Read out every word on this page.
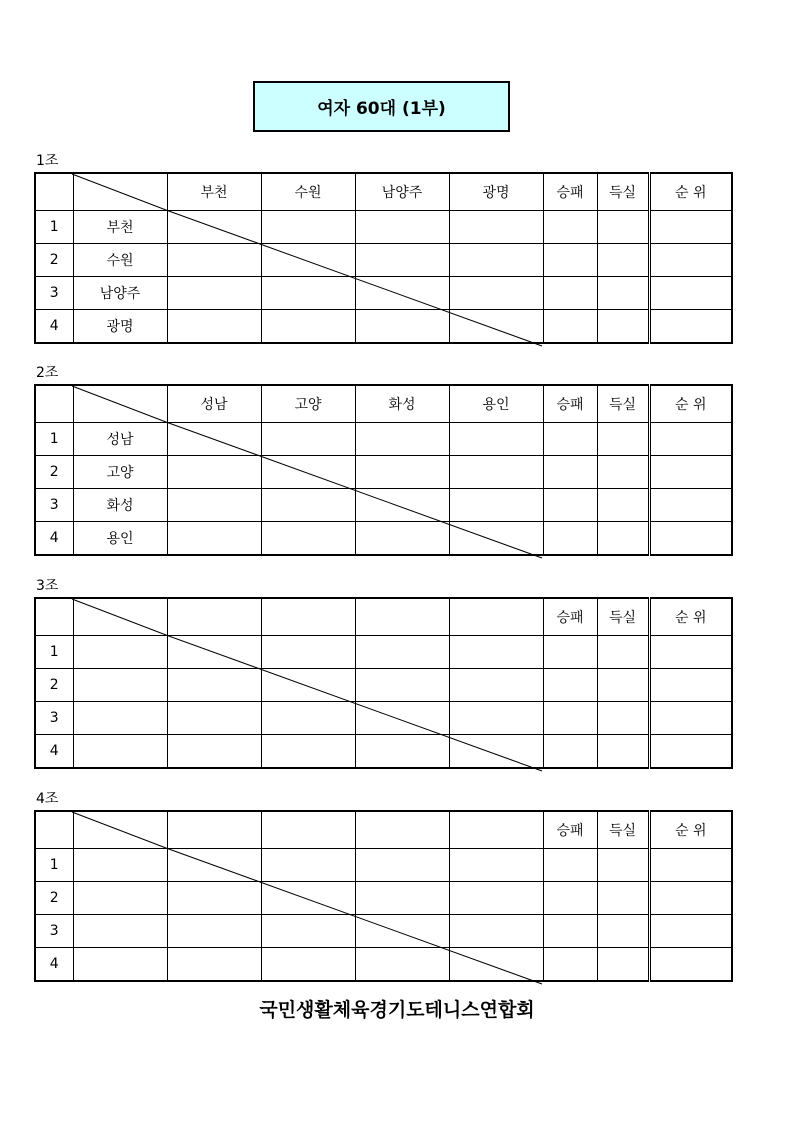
여자 60대 (1부)
1조
		부천	수원	남양주	광명	승패	득실	순 위
1	부천							
2	수원							
3	남양주							
4	광명							
2조
		성남	고양	화성	용인	승패	득실	순 위
1	성남							
2	고양							
3	화성							
4	용인							
3조
						승패	득실	순 위
1								
2								
3								
4								
4조
						승패	득실	순 위
1								
2								
3								
4								
국민생활체육경기도테니스연합회
